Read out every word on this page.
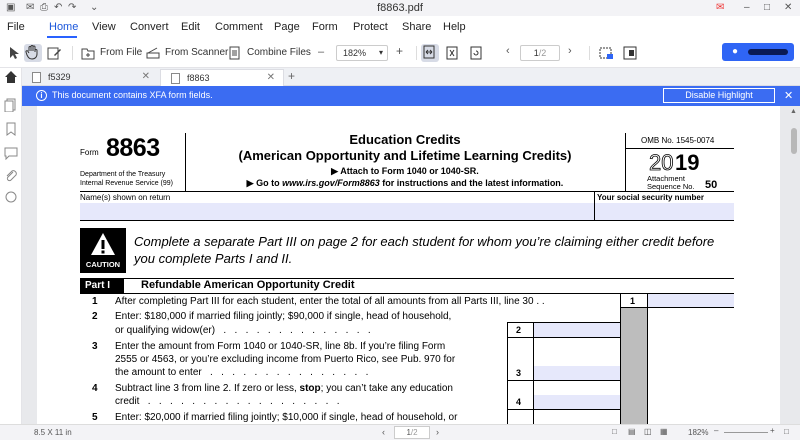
▣ ✉ ⎙ ↶ ↷ ⌄	f8863.pdf	✉ – □ ✕
File Home View Convert Edit Comment Page Form Protect Share Help
From File From Scanner Combine Files –	+	‹	›
182% ▾	1/2	●
f5329	✕	f8863	✕ +
i	This document contains XFA form fields.	Disable Highlight	✕
Form 8863
Department of the Treasury
Internal Revenue Service (99)
Education Credits
(American Opportunity and Lifetime Learning Credits)
▶ Attach to Form 1040 or 1040-SR.
▶ Go to www.irs.gov/Form8863 for instructions and the latest information.
OMB No. 1545-0074
20 19
Attachment
Sequence No. 50
Name(s) shown on return	Your social security number
CAUTION
Complete a separate Part III on page 2 for each student for whom you’re claiming either credit before
you complete Parts I and II.
Part I	Refundable American Opportunity Credit
1 After completing Part III for each student, enter the total of all amounts from all Parts III, line 30 . .	1
2 Enter: $180,000 if married filing jointly; $90,000 if single, head of household,
or qualifying widow(er)   .   .   .   .   .   .   .   .   .   .   .   .   .   .	2
3 Enter the amount from Form 1040 or 1040-SR, line 8b. If you’re filing Form
2555 or 4563, or you’re excluding income from Puerto Rico, see Pub. 970 for
the amount to enter   .   .   .   .   .   .   .   .   .   .   .   .   .   .   .	3
4 Subtract line 3 from line 2. If zero or less, stop; you can’t take any education
credit   .   .   .   .   .   .   .   .   .   .   .   .   .   .   .   .   .   .	4
5 Enter: $20,000 if married filing jointly; $10,000 if single, head of household, or
▲
8.5 X 11 in	‹	1/2	›	□ ▤ ◫ ▦	182% –	+ □
